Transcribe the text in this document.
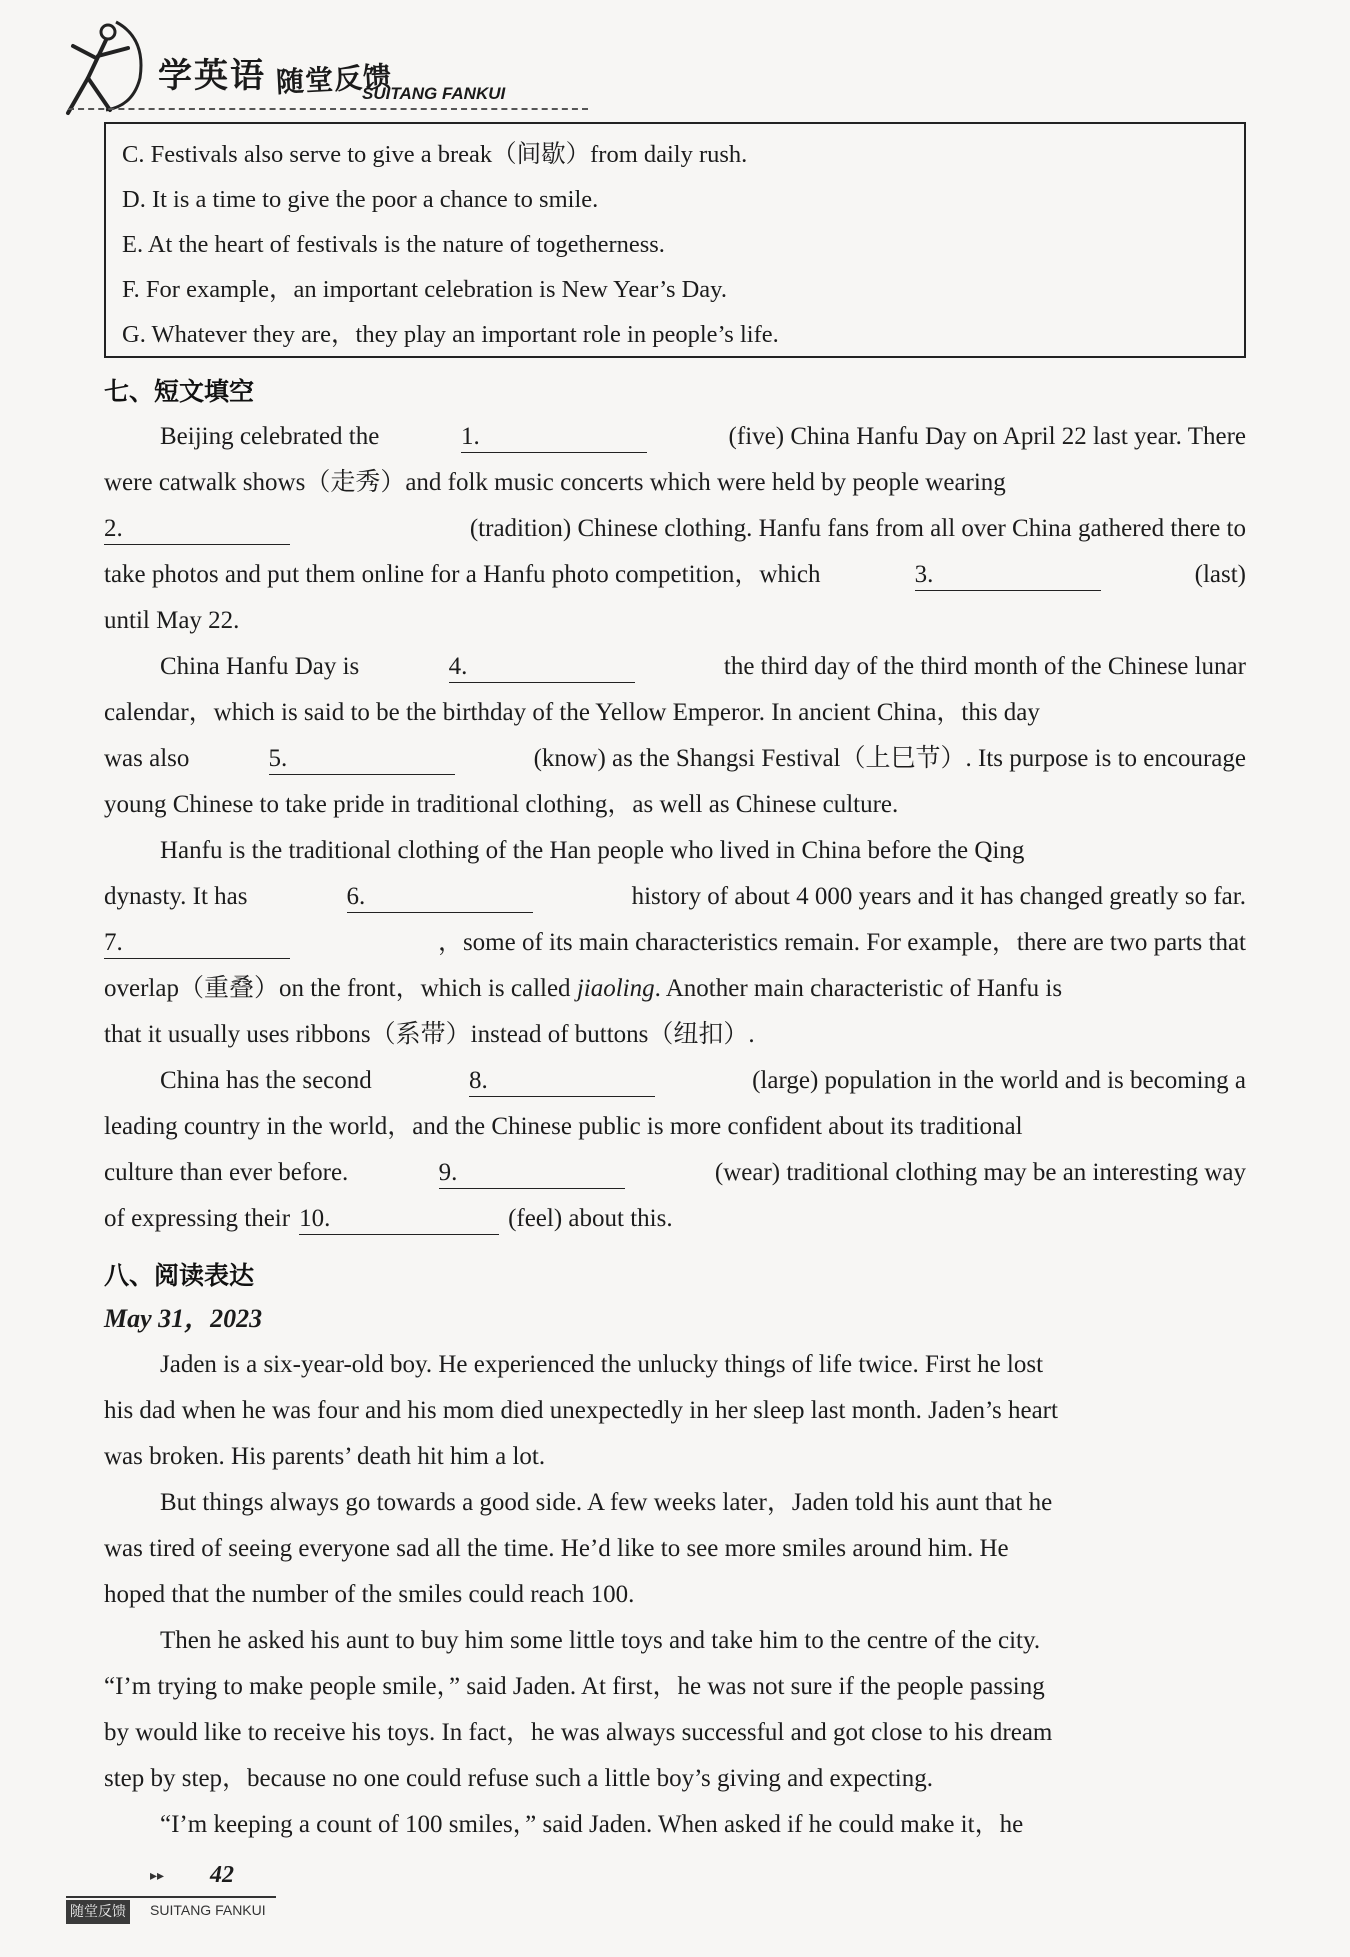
学英语 随堂反馈
SUITANG FANKUI
C. Festivals also serve to give a break（间歇）from daily rush.
D. It is a time to give the poor a chance to smile.
E. At the heart of festivals is the nature of togetherness.
F. For example，an important celebration is New Year’s Day.
G. Whatever they are，they play an important role in people’s life.
七、短文填空
Beijing celebrated the	1.	(five) China Hanfu Day on April 22 last year. There
were catwalk shows（走秀）and folk music concerts which were held by people wearing
2.	(tradition) Chinese clothing. Hanfu fans from all over China gathered there to
take photos and put them online for a Hanfu photo competition，which	3.	(last)
until May 22.
China Hanfu Day is	4.	the third day of the third month of the Chinese lunar
calendar，which is said to be the birthday of the Yellow Emperor. In ancient China，this day
was also	5.	(know) as the Shangsi Festival（上巳节）. Its purpose is to encourage
young Chinese to take pride in traditional clothing，as well as Chinese culture.
Hanfu is the traditional clothing of the Han people who lived in China before the Qing
dynasty. It has	6.	history of about 4 000 years and it has changed greatly so far.
7.	，some of its main characteristics remain. For example，there are two parts that
overlap（重叠）on the front，which is called jiaoling. Another main characteristic of Hanfu is
that it usually uses ribbons（系带）instead of buttons（纽扣）.
China has the second	8.	(large) population in the world and is becoming a
leading country in the world，and the Chinese public is more confident about its traditional
culture than ever before.	9.	(wear) traditional clothing may be an interesting way
of expressing their 10.	(feel) about this.
八、阅读表达
May 31，2023
Jaden is a six-year-old boy. He experienced the unlucky things of life twice. First he lost
his dad when he was four and his mom died unexpectedly in her sleep last month. Jaden’s heart
was broken. His parents’ death hit him a lot.
But things always go towards a good side. A few weeks later，Jaden told his aunt that he
was tired of seeing everyone sad all the time. He’d like to see more smiles around him. He
hoped that the number of the smiles could reach 100.
Then he asked his aunt to buy him some little toys and take him to the centre of the city.
“I’m trying to make people smile，” said Jaden. At first，he was not sure if the people passing
by would like to receive his toys. In fact，he was always successful and got close to his dream
step by step，because no one could refuse such a little boy’s giving and expecting.
“I’m keeping a count of 100 smiles，” said Jaden. When asked if he could make it，he
▸▸ 42
随堂反馈 SUITANG FANKUI
